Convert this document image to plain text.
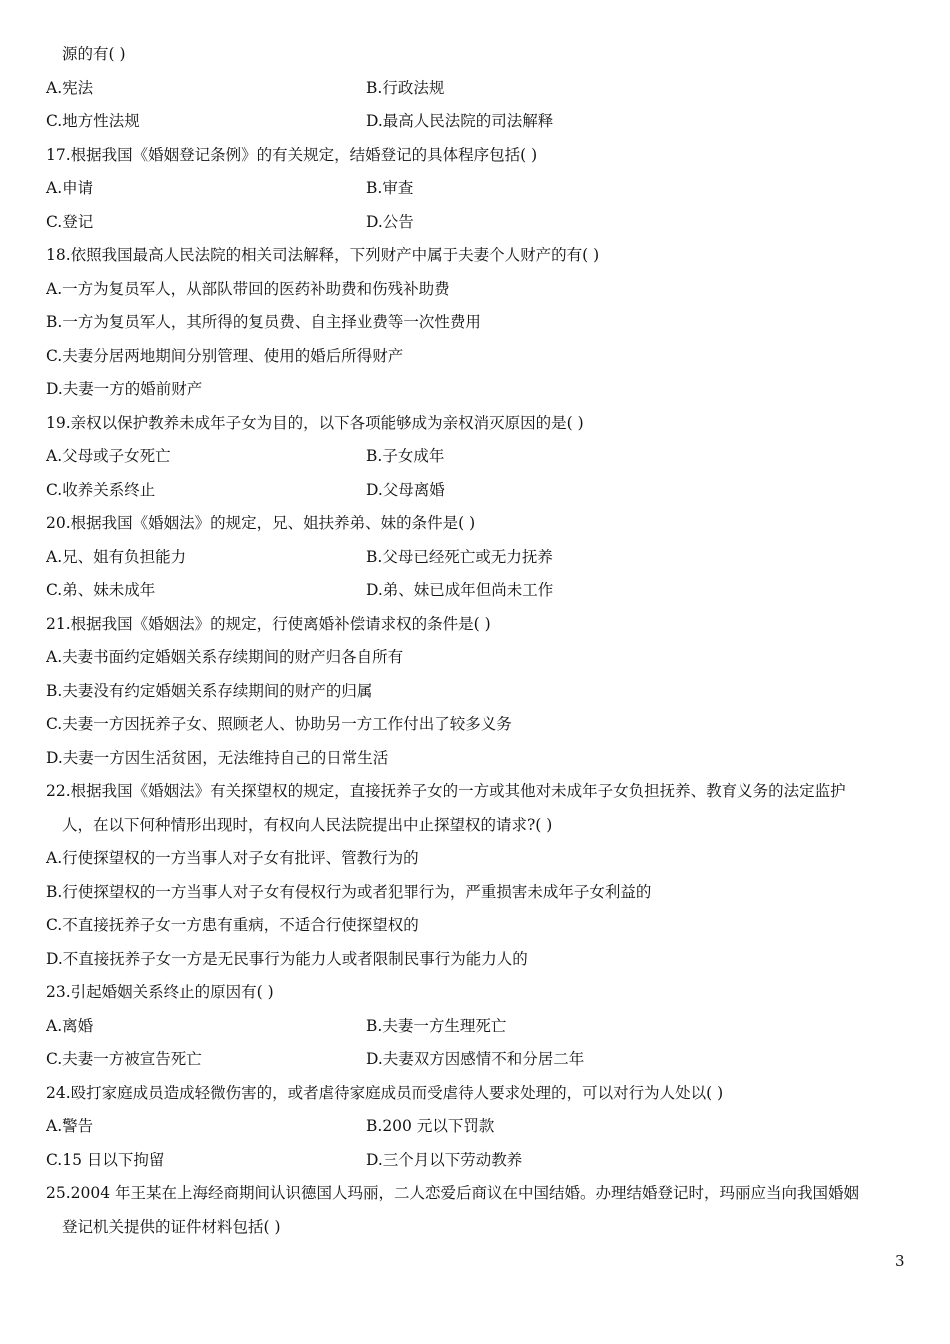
源的有( )
A.宪法	B.行政法规
C.地方性法规	D.最高人民法院的司法解释
17.根据我国《婚姻登记条例》的有关规定，结婚登记的具体程序包括( )
A.申请	B.审查
C.登记	D.公告
18.依照我国最高人民法院的相关司法解释，下列财产中属于夫妻个人财产的有( )
A.一方为复员军人，从部队带回的医药补助费和伤残补助费
B.一方为复员军人，其所得的复员费、自主择业费等一次性费用
C.夫妻分居两地期间分别管理、使用的婚后所得财产
D.夫妻一方的婚前财产
19.亲权以保护教养未成年子女为目的，以下各项能够成为亲权消灭原因的是( )
A.父母或子女死亡	B.子女成年
C.收养关系终止	D.父母离婚
20.根据我国《婚姻法》的规定，兄、姐扶养弟、妹的条件是( )
A.兄、姐有负担能力	B.父母已经死亡或无力抚养
C.弟、妹未成年	D.弟、妹已成年但尚未工作
21.根据我国《婚姻法》的规定，行使离婚补偿请求权的条件是( )
A.夫妻书面约定婚姻关系存续期间的财产归各自所有
B.夫妻没有约定婚姻关系存续期间的财产的归属
C.夫妻一方因抚养子女、照顾老人、协助另一方工作付出了较多义务
D.夫妻一方因生活贫困，无法维持自己的日常生活
22.根据我国《婚姻法》有关探望权的规定，直接抚养子女的一方或其他对未成年子女负担抚养、教育义务的法定监护
人，在以下何种情形出现时，有权向人民法院提出中止探望权的请求?( )
A.行使探望权的一方当事人对子女有批评、管教行为的
B.行使探望权的一方当事人对子女有侵权行为或者犯罪行为，严重损害未成年子女利益的
C.不直接抚养子女一方患有重病，不适合行使探望权的
D.不直接抚养子女一方是无民事行为能力人或者限制民事行为能力人的
23.引起婚姻关系终止的原因有( )
A.离婚	B.夫妻一方生理死亡
C.夫妻一方被宣告死亡	D.夫妻双方因感情不和分居二年
24.殴打家庭成员造成轻微伤害的，或者虐待家庭成员而受虐待人要求处理的，可以对行为人处以( )
A.警告	B.200 元以下罚款
C.15 日以下拘留	D.三个月以下劳动教养
25.2004 年王某在上海经商期间认识德国人玛丽，二人恋爱后商议在中国结婚。办理结婚登记时，玛丽应当向我国婚姻
登记机关提供的证件材料包括( )
3
